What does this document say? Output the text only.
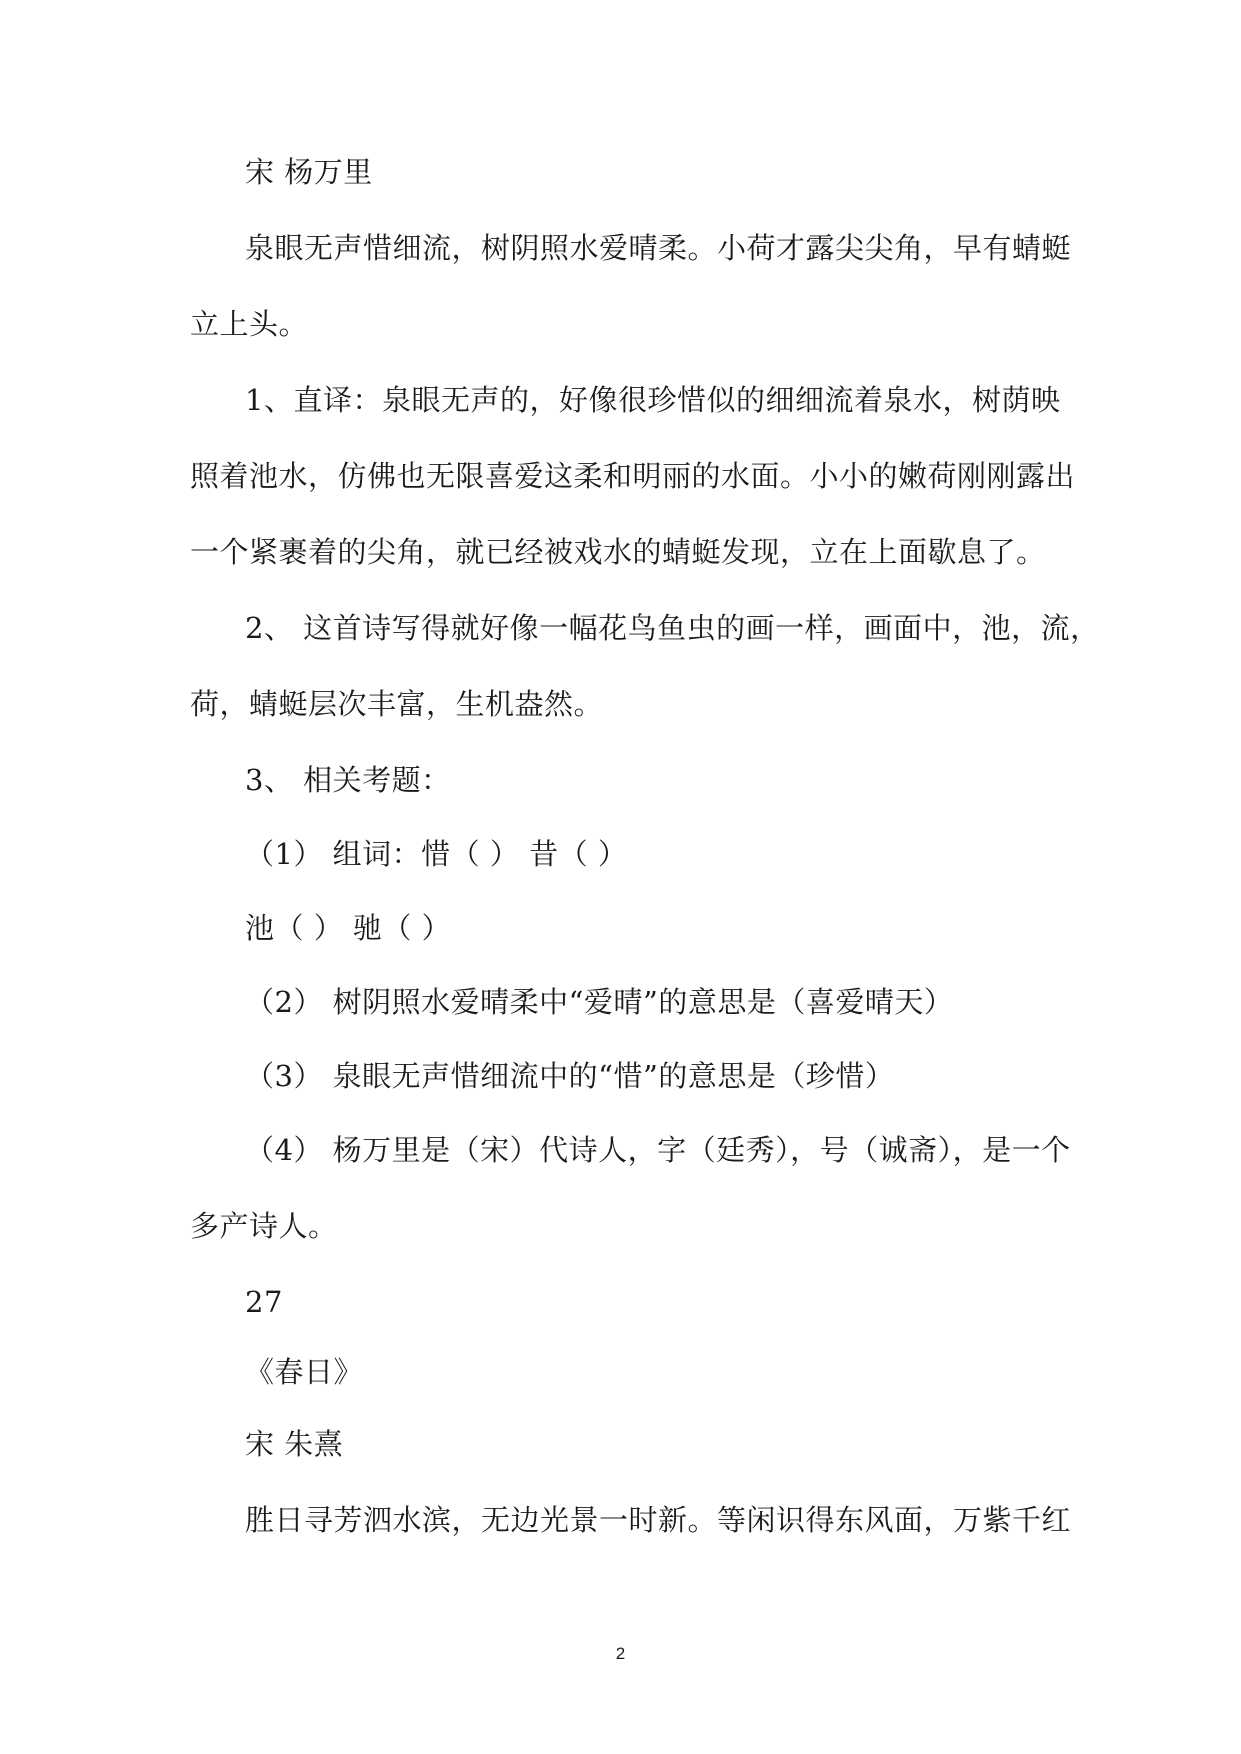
宋 杨万里
泉眼无声惜细流，树阴照水爱晴柔。小荷才露尖尖角，早有蜻蜓
立上头。
1、直译：泉眼无声的，好像很珍惜似的细细流着泉水，树荫映
照着池水，仿佛也无限喜爱这柔和明丽的水面。小小的嫩荷刚刚露出
一个紧裹着的尖角，就已经被戏水的蜻蜓发现，立在上面歇息了。
2、 这首诗写得就好像一幅花鸟鱼虫的画一样，画面中，池，流，
荷，蜻蜓层次丰富，生机盎然。
3、 相关考题：
（1） 组词：惜（ ） 昔（ ）
池（ ） 驰（ ）
（2） 树阴照水爱晴柔中“爱晴”的意思是（喜爱晴天）
（3） 泉眼无声惜细流中的“惜”的意思是（珍惜）
（4） 杨万里是（宋）代诗人，字（廷秀），号（诚斋），是一个
多产诗人。
27
《春日》
宋 朱熹
胜日寻芳泗水滨，无边光景一时新。等闲识得东风面，万紫千红
2
